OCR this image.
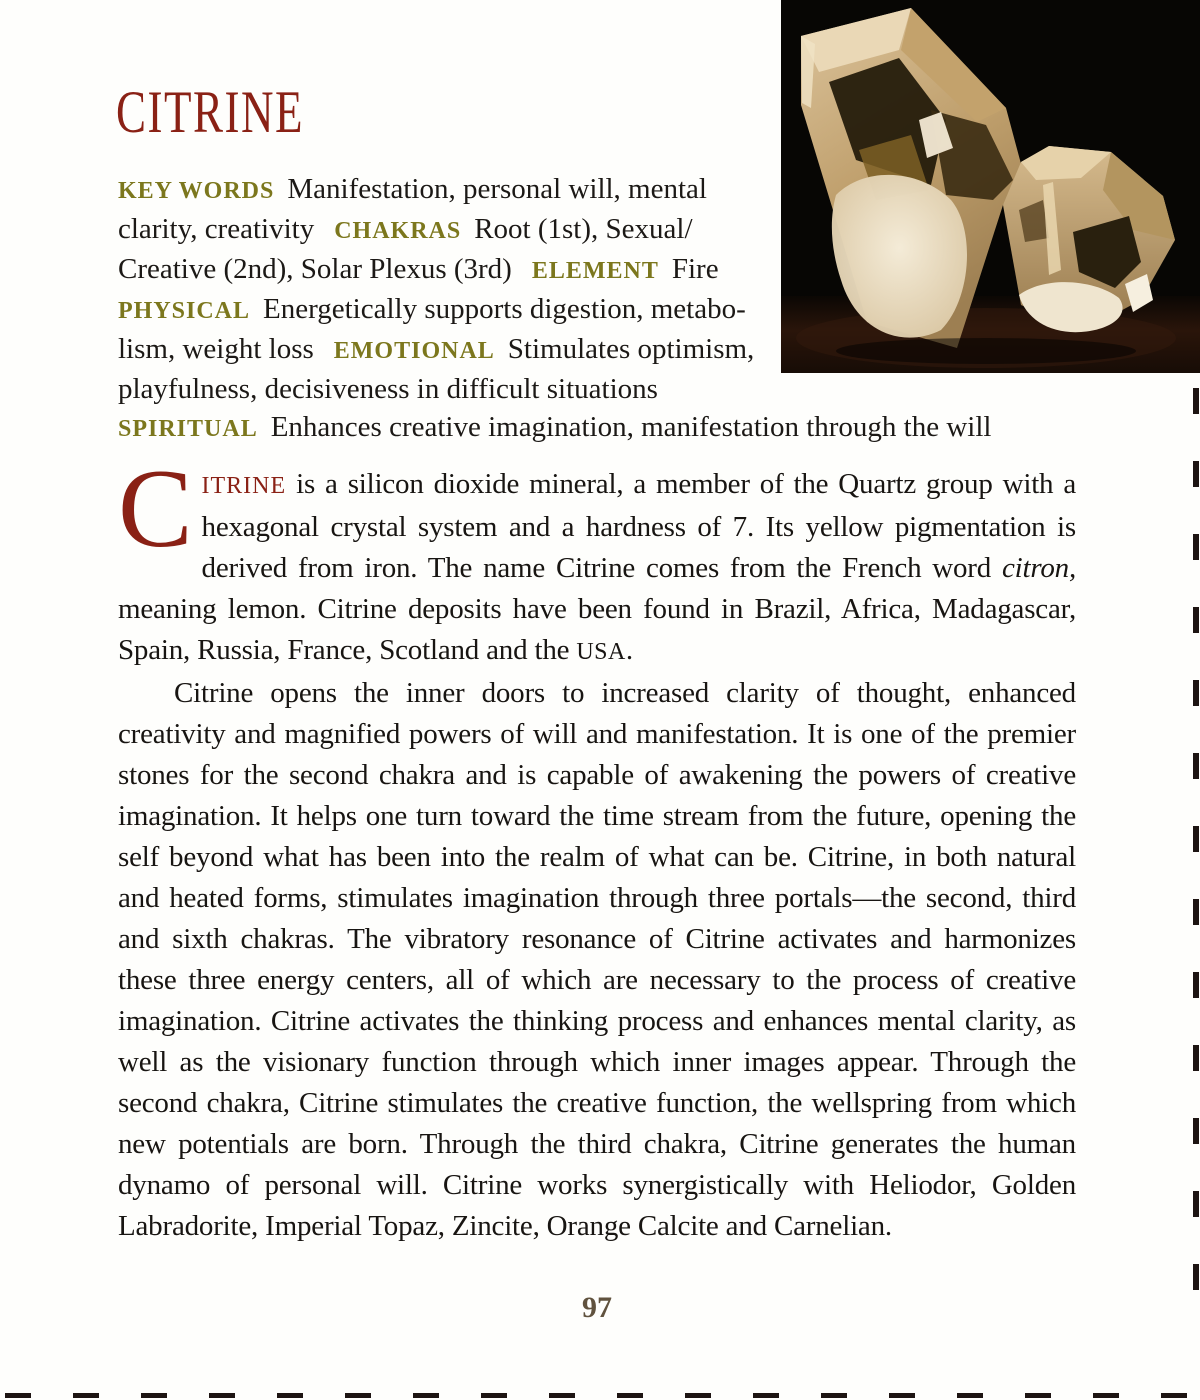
CITRINE
KEY WORDS Manifestation, personal will, mental
clarity, creativity CHAKRAS Root (1st), Sexual/
Creative (2nd), Solar Plexus (3rd) ELEMENT Fire
PHYSICAL Energetically supports digestion, metabo-
lism, weight loss EMOTIONAL Stimulates optimism,
playfulness, decisiveness in difficult situations
SPIRITUAL Enhances creative imagination, manifestation through the will

CITRINE is a silicon dioxide mineral, a member of the Quartz group with a hexagonal crystal system and a hardness of 7. Its yellow pigmentation is derived from iron. The name Citrine comes from the French word citron, meaning lemon. Citrine deposits have been found in Brazil, Africa, Madagascar, Spain, Russia, France, Scotland and the USA.

Citrine opens the inner doors to increased clarity of thought, enhanced creativity and magnified powers of will and manifestation. It is one of the premier stones for the second chakra and is capable of awakening the powers of creative imagination. It helps one turn toward the time stream from the future, opening the self beyond what has been into the realm of what can be. Citrine, in both natural and heated forms, stimulates imagination through three portals—the second, third and sixth chakras. The vibratory resonance of Citrine activates and harmonizes these three energy centers, all of which are necessary to the process of creative imagination. Citrine activates the thinking process and enhances mental clarity, as well as the visionary function through which inner images appear. Through the second chakra, Citrine stimulates the creative function, the wellspring from which new potentials are born. Through the third chakra, Citrine generates the human dynamo of personal will. Citrine works synergistically with Heliodor, Golden Labradorite, Imperial Topaz, Zincite, Orange Calcite and Carnelian.

97
